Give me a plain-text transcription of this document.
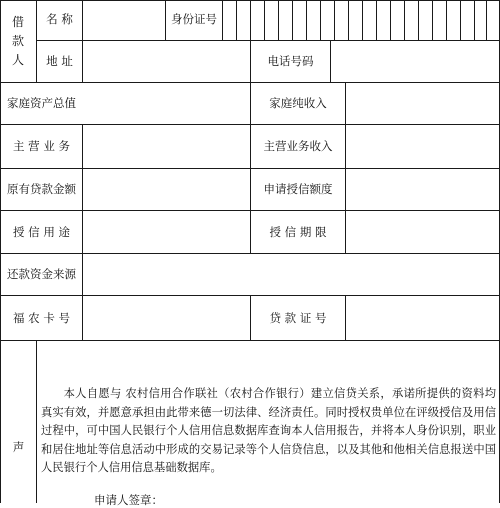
借
款
人
名 称	身份证号
地 址	电话号码
家庭资产总值	家庭纯收入
主 营 业 务	主营业务收入
原有贷款金额	申请授信额度
授 信 用 途	授 信 期 限
还款资金来源
福 农 卡 号	贷 款 证 号
声

本人自愿与 农村信用合作联社（农村合作银行）建立信贷关系，承诺所提供的资料均真实有效，并愿意承担由此带来德一切法律、经济责任。同时授权贵单位在评级授信及用信过程中，可中国人民银行个人信用信息数据库查询本人信用报告，并将本人身份识别，职业和居住地址等信息活动中形成的交易记录等个人信贷信息，以及其他和他相关信息报送中国人民银行个人信用信息基础数据库。

申请人签章：
